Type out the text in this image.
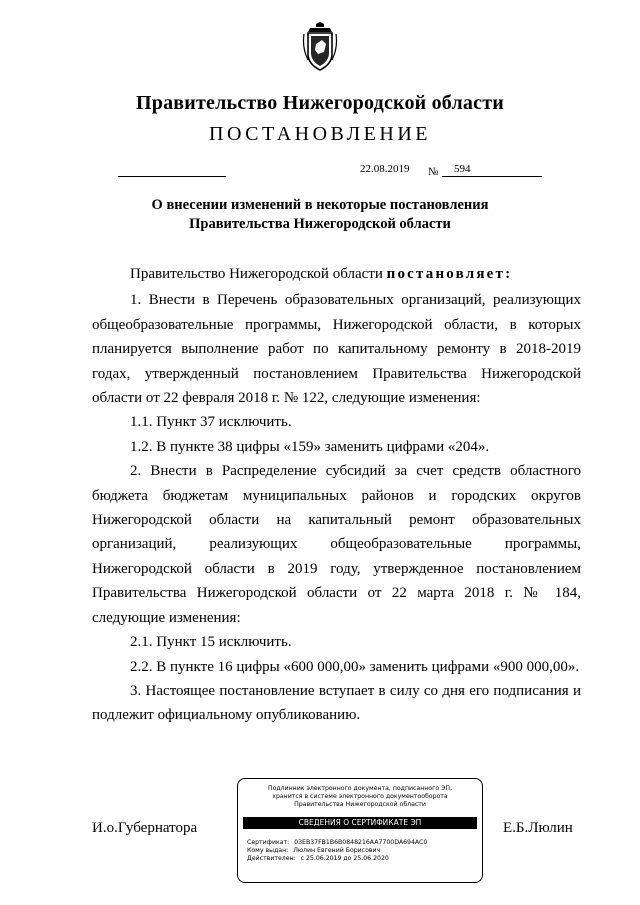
Правительство Нижегородской области
ПОСТАНОВЛЕНИЕ
22.08.2019 №	594
О внесении изменений в некоторые постановления
Правительства Нижегородской области

Правительство Нижегородской области постановляет:

1. Внести в Перечень образовательных организаций, реализующих общеобразовательные программы, Нижегородской области, в которых планируется выполнение работ по капитальному ремонту в 2018-2019 годах, утвержденный постановлением Правительства Нижегородской области от 22 февраля 2018 г. № 122, следующие изменения:

1.1. Пункт 37 исключить.

1.2. В пункте 38 цифры «159» заменить цифрами «204».

2. Внести в Распределение субсидий за счет средств областного бюджета бюджетам муниципальных районов и городских округов Нижегородской области на капитальный ремонт образовательных организаций, реализующих общеобразовательные программы, Нижегородской области в 2019 году, утвержденное постановлением Правительства Нижегородской области от 22 марта 2018 г. № 184, следующие изменения:

2.1. Пункт 15 исключить.

2.2. В пункте 16 цифры «600 000,00» заменить цифрами «900 000,00».

3. Настоящее постановление вступает в силу со дня его подписания и подлежит официальному опубликованию.

И.о.Губернатора	Е.Б.Люлин
Подлинник электронного документа, подписанного ЭП,
хранится в системе электронного документооборота
Правительства Нижегородской области
СВЕДЕНИЯ О СЕРТИФИКАТЕ ЭП
Сертификат: 03EB37FB1B6B0848216AA7700DA694AC0
Кому выдан: Люлин Евгений Борисович
Действителен: с 25.06.2019 до 25.06.2020
